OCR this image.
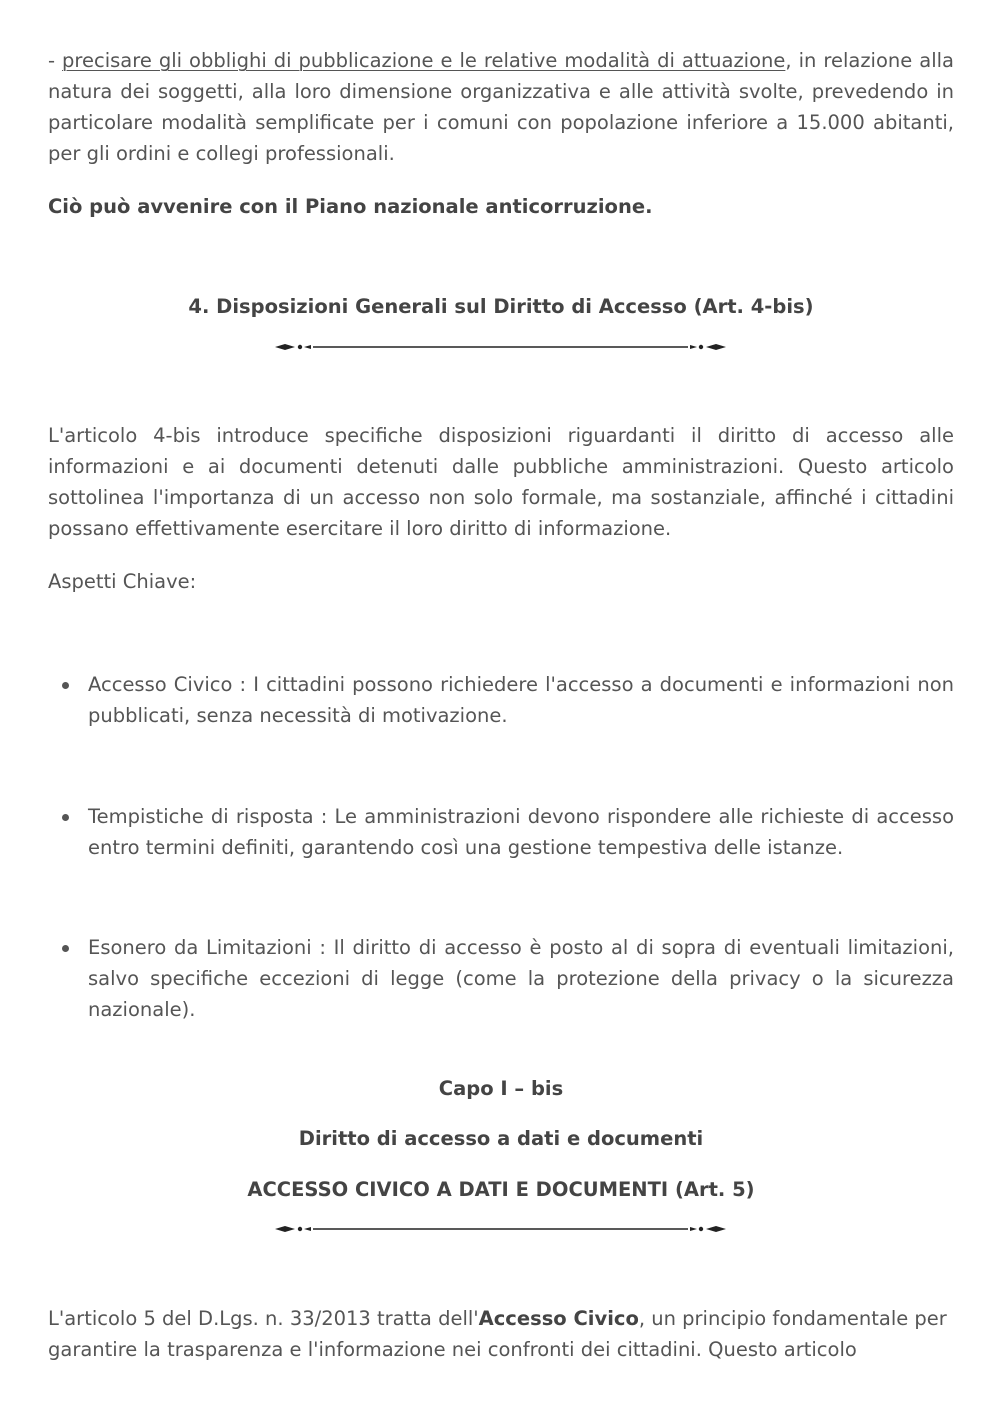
- precisare gli obblighi di pubblicazione e le relative modalità di attuazione, in relazione alla natura dei soggetti, alla loro dimensione organizzativa e alle attività svolte, prevedendo in particolare modalità semplificate per i comuni con popolazione inferiore a 15.000 abitanti, per gli ordini e collegi professionali.

Ciò può avvenire con il Piano nazionale anticorruzione.

4. Disposizioni Generali sul Diritto di Accesso (Art. 4-bis)

L'articolo 4-bis introduce specifiche disposizioni riguardanti il diritto di accesso alle informazioni e ai documenti detenuti dalle pubbliche amministrazioni. Questo articolo sottolinea l'importanza di un accesso non solo formale, ma sostanziale, affinché i cittadini possano effettivamente esercitare il loro diritto di informazione.

Aspetti Chiave:

Accesso Civico : I cittadini possono richiedere l'accesso a documenti e informazioni non pubblicati, senza necessità di motivazione.
Tempistiche di risposta : Le amministrazioni devono rispondere alle richieste di accesso entro termini definiti, garantendo così una gestione tempestiva delle istanze.
Esonero da Limitazioni : Il diritto di accesso è posto al di sopra di eventuali limitazioni, salvo specifiche eccezioni di legge (come la protezione della privacy o la sicurezza nazionale).

Capo I – bis

Diritto di accesso a dati e documenti

ACCESSO CIVICO A DATI E DOCUMENTI (Art. 5)

L'articolo 5 del D.Lgs. n. 33/2013 tratta dell'Accesso Civico, un principio fondamentale per garantire la trasparenza e l'informazione nei confronti dei cittadini. Questo articolo
